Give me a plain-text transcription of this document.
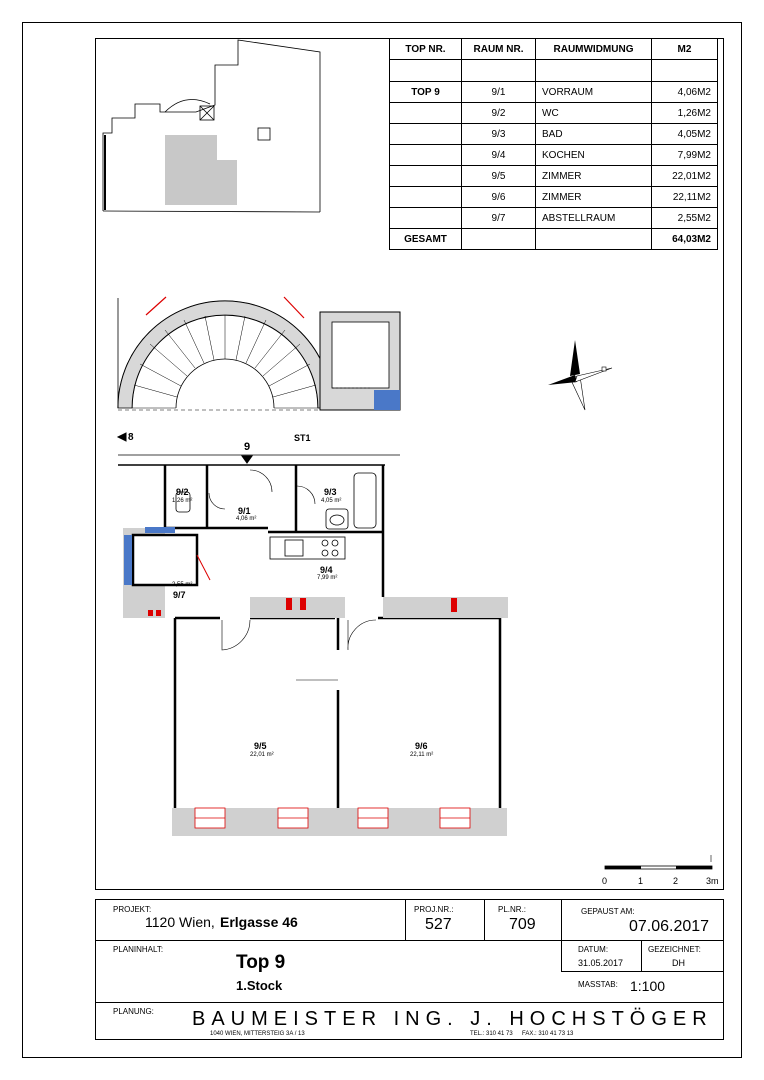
TOP NR.	RAUM NR.	RAUMWIDMUNG	M2

TOP 9	9/1	VORRAUM	4,06M2
	9/2	WC	1,26M2
	9/3	BAD	4,05M2
	9/4	KOCHEN	7,99M2
	9/5	ZIMMER	22,01M2
	9/6	ZIMMER	22,11M2
	9/7	ABSTELLRAUM	2,55M2
GESAMT			64,03M2
8
9
ST1
9/2
1,26 m²
9/1
4,06 m²
9/3
4,05 m²
9/4
7,99 m²
9/7
2,55 m²
9/5
22,01 m²
9/6
22,11 m²
0	1	2	3m
PROJEKT:
1120 Wien, Erlgasse 46
PROJ.NR.:
527
PL.NR.:
709
GEPAUST AM:
07.06.2017
PLANINHALT:
Top 9
1.Stock
DATUM:
31.05.2017
GEZEICHNET:
DH
MASSTAB: 1:100
PLANUNG: BAUMEISTER ING. J. HOCHSTÖGER
1040 WIEN, MITTERSTEIG 3A / 13	TEL.: 310 41 73 FAX.: 310 41 73 13
